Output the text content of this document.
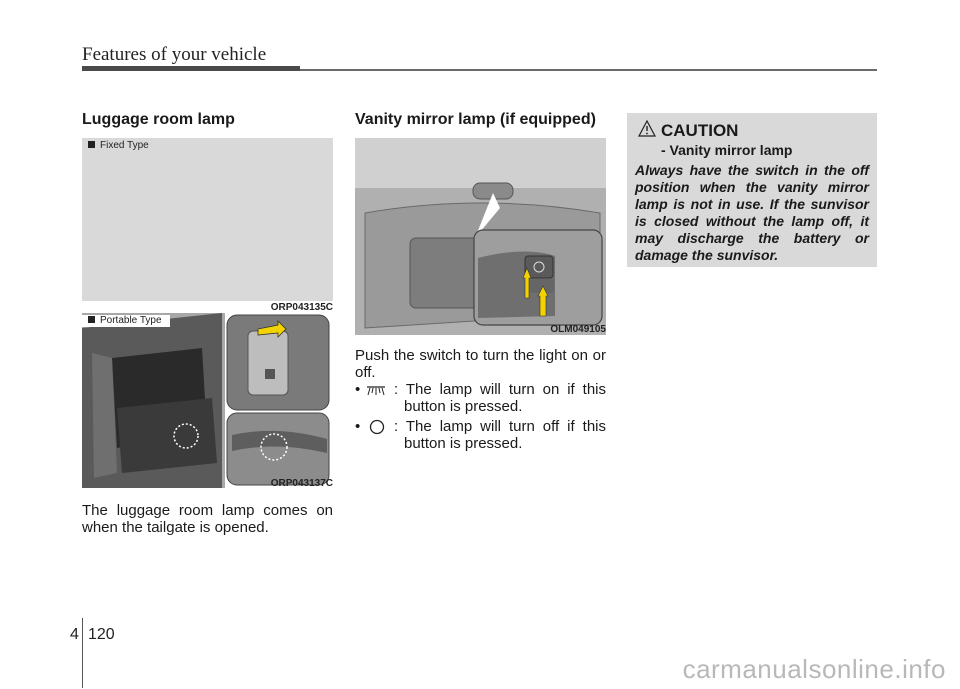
Features of your vehicle
Luggage room lamp
Fixed Type
ORP043135C
Portable Type
ORP043137C
The luggage room lamp comes on when the tailgate is opened.
Vanity mirror lamp (if equipped)
OLM049105
Push the switch to turn the light on or off.
• : The lamp will turn on if this
button is pressed.
• : The lamp will turn off if this
button is pressed.
CAUTION
- Vanity mirror lamp
Always have the switch in the off position when the vanity mirror lamp is not in use. If the sunvisor is closed without the lamp off, it may discharge the battery or damage the sunvisor.
4 120
carmanualsonline.info
